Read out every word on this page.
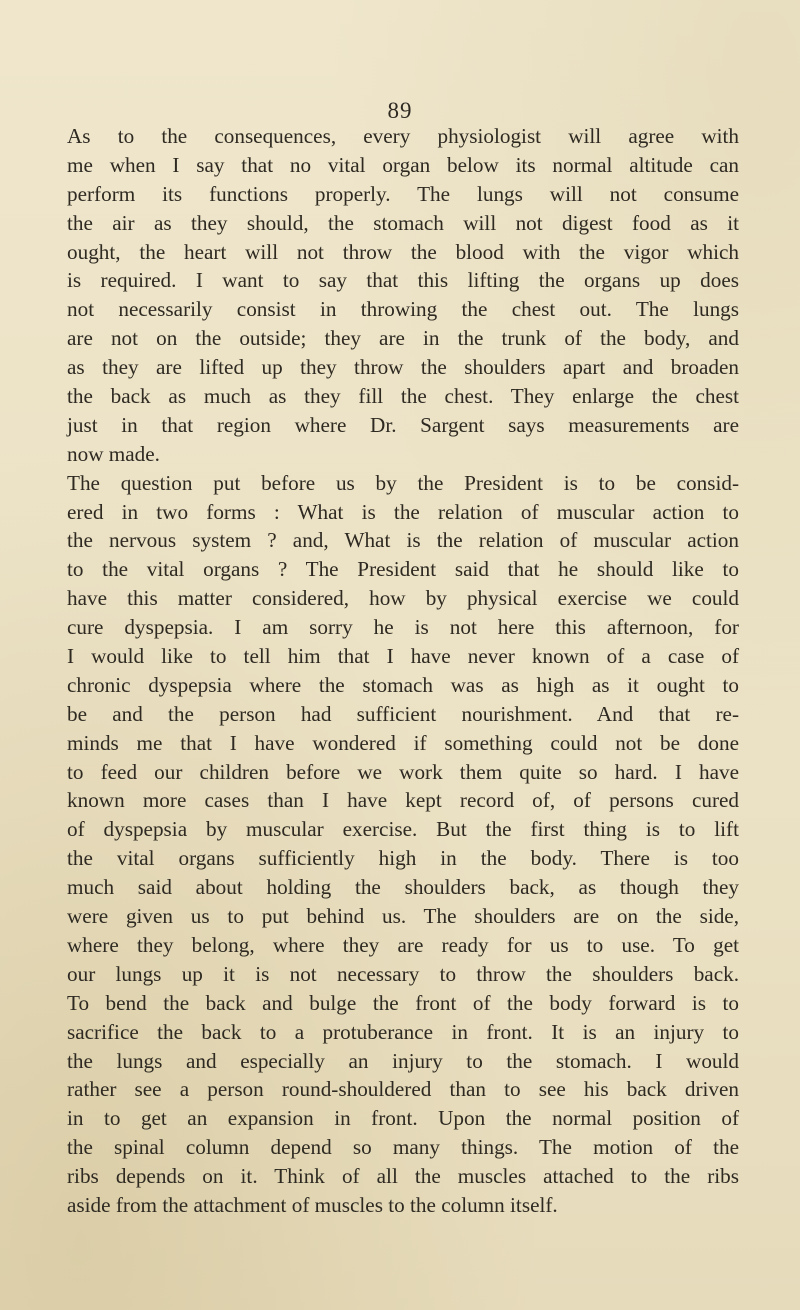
89
As to the consequences, every physiologist will agree with
me when I say that no vital organ below its normal altitude can
perform its functions properly. The lungs will not consume
the air as they should, the stomach will not digest food as it
ought, the heart will not throw the blood with the vigor which
is required. I want to say that this lifting the organs up does
not necessarily consist in throwing the chest out. The lungs
are not on the outside; they are in the trunk of the body, and
as they are lifted up they throw the shoulders apart and broaden
the back as much as they fill the chest. They enlarge the chest
just in that region where Dr. Sargent says measurements are
now made.
The question put before us by the President is to be consid-
ered in two forms : What is the relation of muscular action to
the nervous system ? and, What is the relation of muscular action
to the vital organs ? The President said that he should like to
have this matter considered, how by physical exercise we could
cure dyspepsia. I am sorry he is not here this afternoon, for
I would like to tell him that I have never known of a case of
chronic dyspepsia where the stomach was as high as it ought to
be and the person had sufficient nourishment. And that re-
minds me that I have wondered if something could not be done
to feed our children before we work them quite so hard. I have
known more cases than I have kept record of, of persons cured
of dyspepsia by muscular exercise. But the first thing is to lift
the vital organs sufficiently high in the body. There is too
much said about holding the shoulders back, as though they
were given us to put behind us. The shoulders are on the side,
where they belong, where they are ready for us to use. To get
our lungs up it is not necessary to throw the shoulders back.
To bend the back and bulge the front of the body forward is to
sacrifice the back to a protuberance in front. It is an injury to
the lungs and especially an injury to the stomach. I would
rather see a person round-shouldered than to see his back driven
in to get an expansion in front. Upon the normal position of
the spinal column depend so many things. The motion of the
ribs depends on it. Think of all the muscles attached to the ribs
aside from the attachment of muscles to the column itself.
